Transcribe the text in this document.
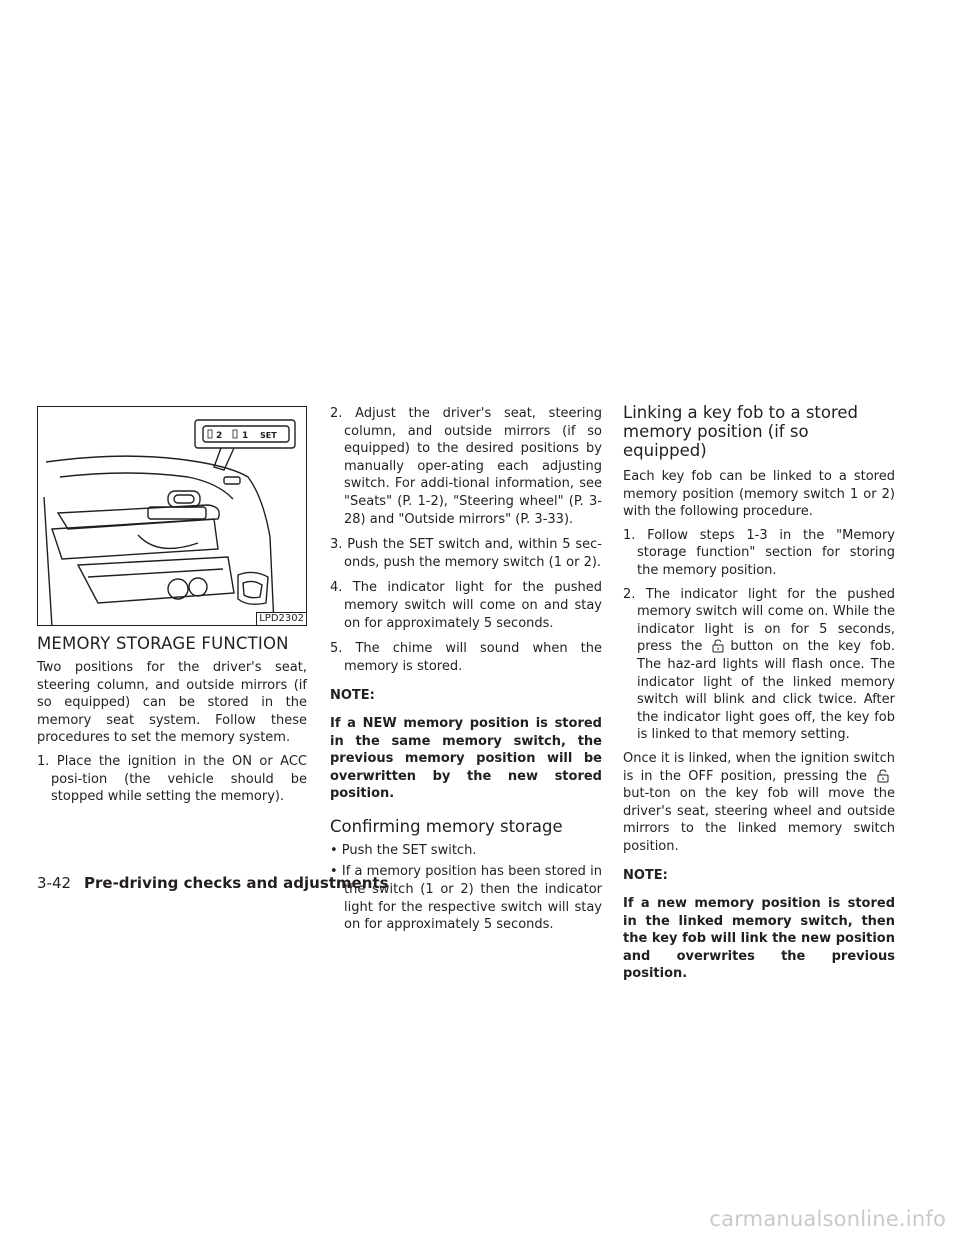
2 1 SET
LPD2302
MEMORY STORAGE FUNCTION

Two positions for the driver's seat, steering column, and outside mirrors (if so equipped) can be stored in the memory seat system. Follow these procedures to set the memory system.

1. Place the ignition in the ON or ACC posi-tion (the vehicle should be stopped while setting the memory).

2. Adjust the driver's seat, steering column, and outside mirrors (if so equipped) to the desired positions by manually oper-ating each adjusting switch. For addi-tional information, see "Seats" (P. 1-2), "Steering wheel" (P. 3-28) and "Outside mirrors" (P. 3-33).

3. Push the SET switch and, within 5 sec-onds, push the memory switch (1 or 2).

4. The indicator light for the pushed memory switch will come on and stay on for approximately 5 seconds.

5. The chime will sound when the memory is stored.

NOTE:

If a NEW memory position is stored in the same memory switch, the previous memory position will be overwritten by the new stored position.

Confirming memory storage

• Push the SET switch.

• If a memory position has been stored in the switch (1 or 2) then the indicator light for the respective switch will stay on for approximately 5 seconds.

Linking a key fob to a stored memory position (if so equipped)

Each key fob can be linked to a stored memory position (memory switch 1 or 2) with the following procedure.

1. Follow steps 1-3 in the "Memory storage function" section for storing the memory position.

2. The indicator light for the pushed memory switch will come on. While the indicator light is on for 5 seconds, press the button on the key fob. The haz-ard lights will flash once. The indicator light of the linked memory switch will blink and click twice. After the indicator light goes off, the key fob is linked to that memory setting.

Once it is linked, when the ignition switch is in the OFF position, pressing thebut-ton on the key fob will move the driver's seat, steering wheel and outside mirrors to the linked memory switch position.

NOTE:

If a new memory position is stored in the linked memory switch, then the key fob will link the new position and overwrites the previous position.

3-42 Pre-driving checks and adjustments
carmanualsonline.info
